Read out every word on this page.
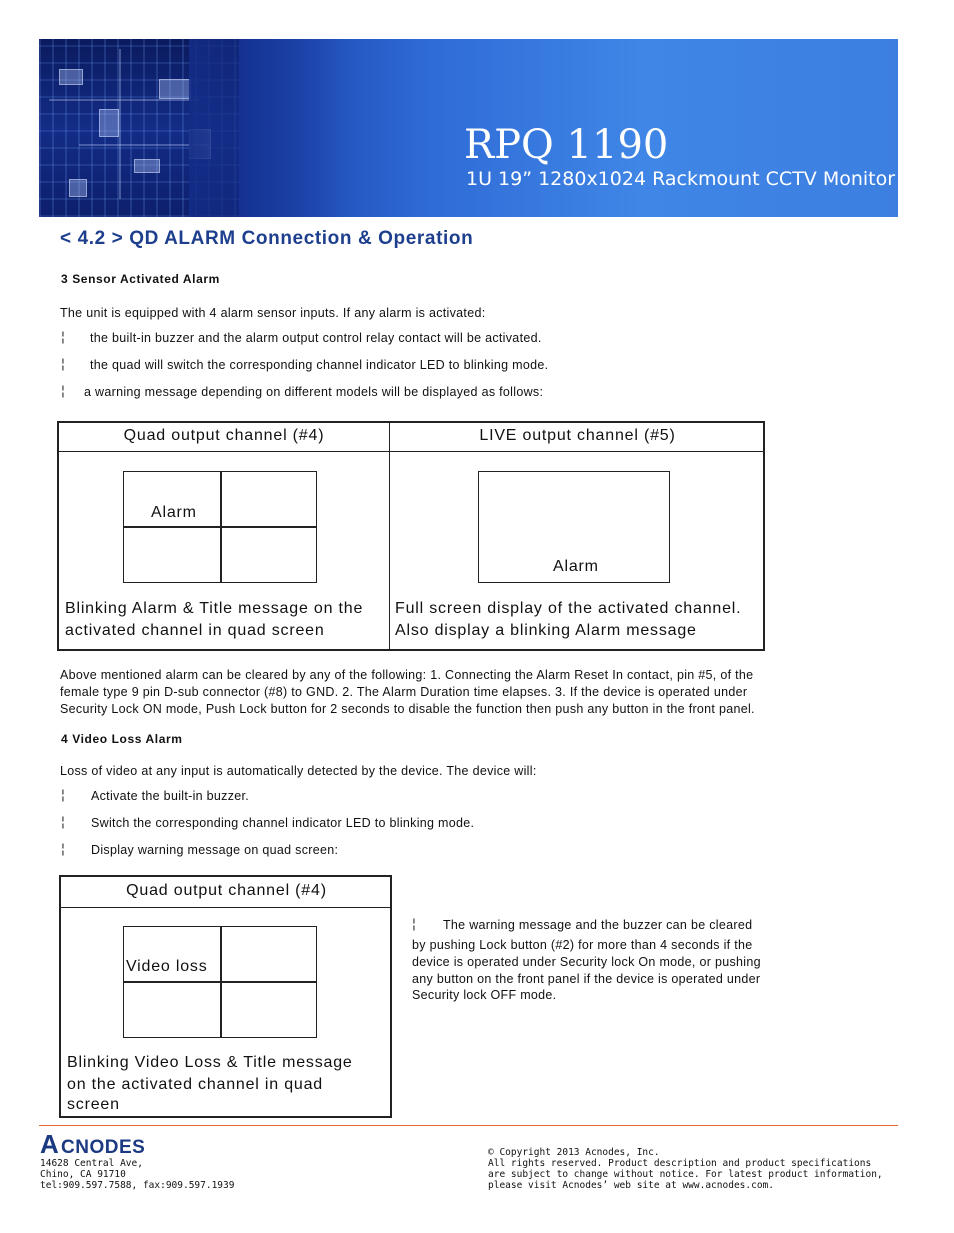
RPQ 1190
1U 19” 1280x1024 Rackmount CCTV Monitor
< 4.2 > QD ALARM Connection & Operation
3 Sensor Activated Alarm
The unit is equipped with 4 alarm sensor inputs. If any alarm is activated:
¦ the built-in buzzer and the alarm output control relay contact will be activated.
¦ the quad will switch the corresponding channel indicator LED to blinking mode.
¦ a warning message depending on different models will be displayed as follows:
Quad output channel (#4)	LIVE output channel (#5)
Alarm
Alarm
Blinking Alarm & Title message on the
activated channel in quad screen
Full screen display of the activated channel.
Also display a blinking Alarm message
Above mentioned alarm can be cleared by any of the following: 1. Connecting the Alarm Reset In contact, pin #5, of the
female type 9 pin D-sub connector (#8) to GND. 2. The Alarm Duration time elapses. 3. If the device is operated under
Security Lock ON mode, Push Lock button for 2 seconds to disable the function then push any button in the front panel.
4 Video Loss Alarm
Loss of video at any input is automatically detected by the device. The device will:
¦ Activate the built-in buzzer.
¦ Switch the corresponding channel indicator LED to blinking mode.
¦ Display warning message on quad screen:
Quad output channel (#4)
Video loss
Blinking Video Loss & Title message
on the activated channel in quad
screen
¦ The warning message and the buzzer can be cleared
by pushing Lock button (#2) for more than 4 seconds if the
device is operated under Security lock On mode, or pushing
any button on the front panel if the device is operated under
Security lock OFF mode.
A CNODES
14628 Central Ave,
Chino, CA 91710
tel:909.597.7588, fax:909.597.1939
© Copyright 2013 Acnodes, Inc.
All rights reserved. Product description and product specifications
are subject to change without notice. For latest product information,
please visit Acnodes’ web site at www.acnodes.com.
